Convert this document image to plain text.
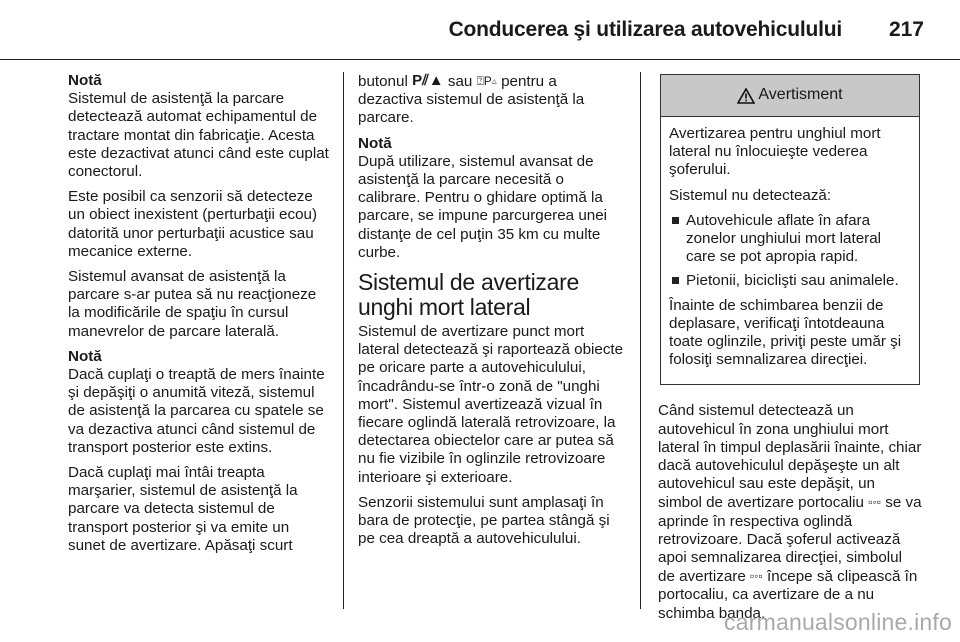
Conducerea şi utilizarea autovehiculului 217

Notă

Sistemul de asistenţă la parcare detectează automat echipamentul de tractare montat din fabricaţie. Acesta este dezactivat atunci când este cuplat conectorul.

Este posibil ca senzorii să detecteze un obiect inexistent (perturbaţii ecou) datorită unor perturbaţii acustice sau mecanice externe.

Sistemul avansat de asistenţă la parcare s-ar putea să nu reacţioneze la modificările de spaţiu în cursul manevrelor de parcare laterală.

Notă

Dacă cuplaţi o treaptă de mers înainte şi depăşiţi o anumită viteză, sistemul de asistenţă la parcarea cu spatele se va dezactiva atunci când sistemul de transport posterior este extins.

Dacă cuplaţi mai întâi treapta marşarier, sistemul de asistenţă la parcare va detecta sistemul de transport posterior şi va emite un sunet de avertizare. Apăsaţi scurt

butonul P⫽▲ sau ⍰P▵ pentru a dezactiva sistemul de asistenţă la parcare.

Notă

După utilizare, sistemul avansat de asistenţă la parcare necesită o calibrare. Pentru o ghidare optimă la parcare, se impune parcurgerea unei distanţe de cel puţin 35 km cu multe curbe.

Sistemul de avertizare unghi mort lateral

Sistemul de avertizare punct mort lateral detectează şi raportează obiecte pe oricare parte a autovehiculului, încadrându-se într-o zonă de "unghi mort". Sistemul avertizează vizual în fiecare oglindă laterală retrovizoare, la detectarea obiectelor care ar putea să nu fie vizibile în oglinzile retrovizoare interioare şi exterioare.

Senzorii sistemului sunt amplasaţi în bara de protecţie, pe partea stângă şi pe cea dreaptă a autovehiculului.

Avertisment

Avertizarea pentru unghiul mort lateral nu înlocuieşte vederea şoferului.

Sistemul nu detectează:

Autovehicule aflate în afara zonelor unghiului mort lateral care se pot apropia rapid.
Pietonii, biciclişti sau animalele.

Înainte de schimbarea benzii de deplasare, verificaţi întotdeauna toate oglinzile, priviţi peste umăr şi folosiţi semnalizarea direcţiei.

Când sistemul detectează un autovehicul în zona unghiului mort lateral în timpul deplasării înainte, chiar dacă autovehiculul depăşeşte un alt autovehicul sau este depăşit, un simbol de avertizare portocaliu ▫◦▫ se va aprinde în respectiva oglindă retrovizoare. Dacă şoferul activează apoi semnalizarea direcţiei, simbolul de avertizare ▫◦▫ începe să clipească în portocaliu, ca avertizare de a nu schimba banda.

carmanualsonline.info
